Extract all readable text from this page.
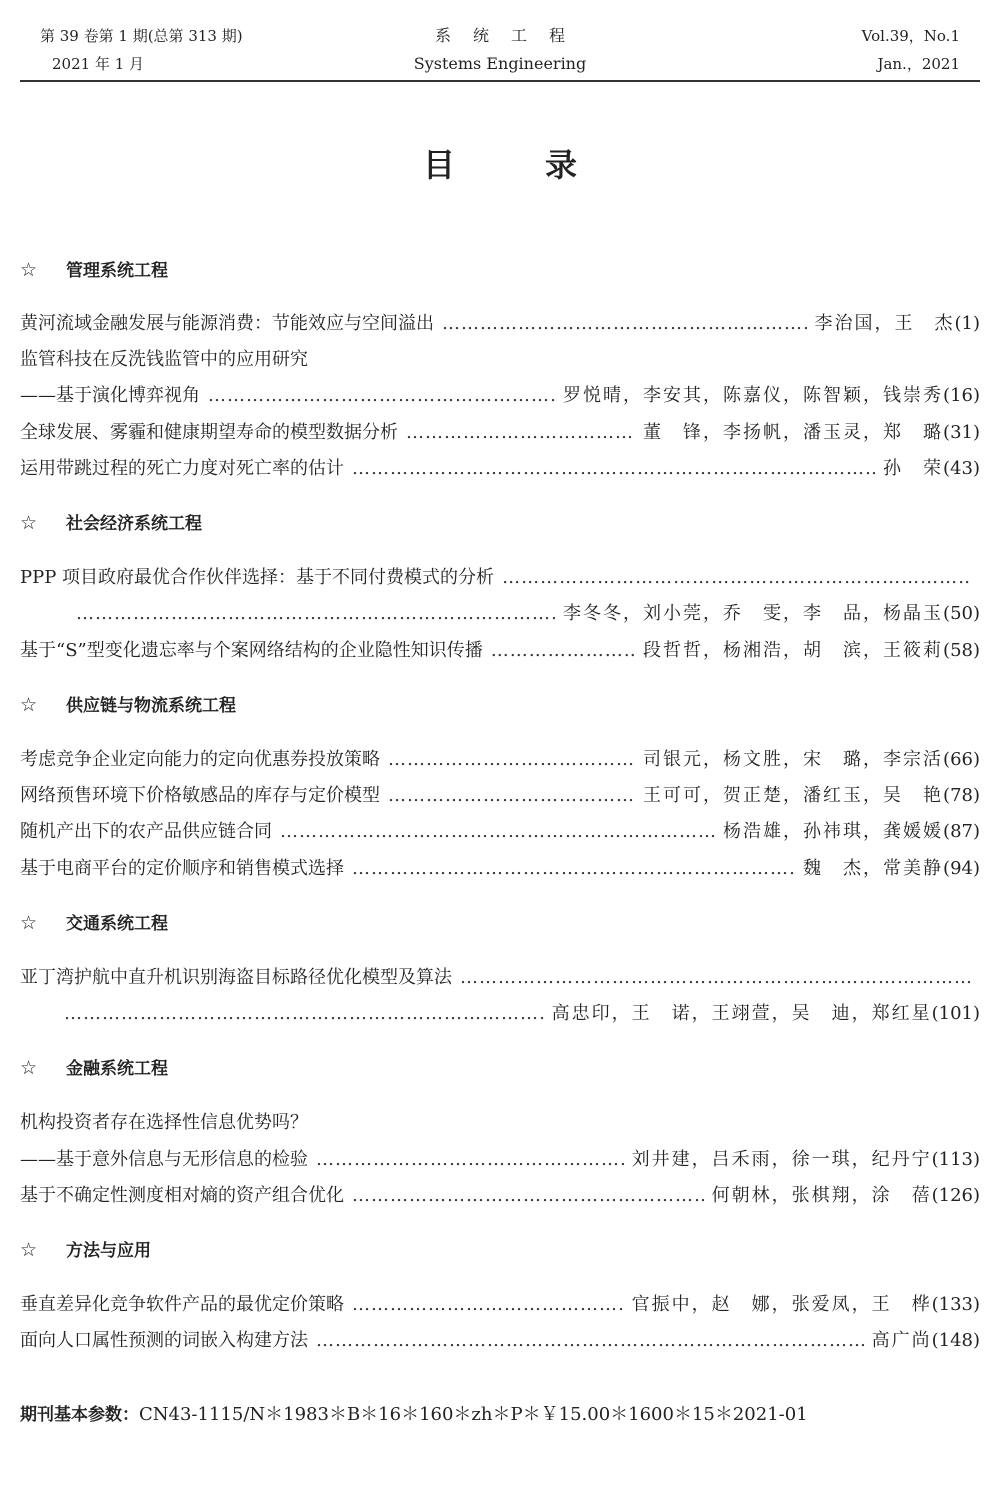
第 39 卷第 1 期(总第 313 期)
2021 年 1 月
系统工程
Systems Engineering
Vol.39，No.1
Jan.，2021
目录
☆ 管理系统工程
黄河流域金融发展与能源消费：节能效应与空间溢出 ………………………………………………………………………………………………………………………………………………………………………………	李治国，王　杰 (1)
监管科技在反洗钱监管中的应用研究
——基于演化博弈视角 ………………………………………………………………………………………………………………………………………………………………………………	罗悦晴，李安其，陈嘉仪，陈智颖，钱崇秀 (16)
全球发展、雾霾和健康期望寿命的模型数据分析 ………………………………………………………………………………………………………………………………………………………………………………	董　锋，李扬帆，潘玉灵，郑　璐 (31)
运用带跳过程的死亡力度对死亡率的估计 ………………………………………………………………………………………………………………………………………………………………………………	孙　荣 (43)
☆ 社会经济系统工程
PPP 项目政府最优合作伙伴选择：基于不同付费模式的分析
………………………………………………………………………………………………………………………………………………………………………………
………………………………………………………………………………………………………………………………………………………………………………
李冬冬，刘小莞，乔　雯，李　品，杨晶玉 (50)
基于“S”型变化遗忘率与个案网络结构的企业隐性知识传播 ………………………………………………………………………………………………………………………………………………………………………………	段哲哲，杨湘浩，胡　滨，王筱莉 (58)
☆ 供应链与物流系统工程
考虑竞争企业定向能力的定向优惠券投放策略 ………………………………………………………………………………………………………………………………………………………………………………	司银元，杨文胜，宋　璐，李宗活 (66)
网络预售环境下价格敏感品的库存与定价模型 ………………………………………………………………………………………………………………………………………………………………………………	王可可，贺正楚，潘红玉，吴　艳 (78)
随机产出下的农产品供应链合同 ………………………………………………………………………………………………………………………………………………………………………………	杨浩雄，孙祎琪，龚媛媛 (87)
基于电商平台的定价顺序和销售模式选择 ………………………………………………………………………………………………………………………………………………………………………………	魏　杰，常美静 (94)
☆ 交通系统工程
亚丁湾护航中直升机识别海盗目标路径优化模型及算法
………………………………………………………………………………………………………………………………………………………………………………
………………………………………………………………………………………………………………………………………………………………………………
高忠印，王　诺，王翊萱，吴　迪，郑红星 (101)
☆ 金融系统工程
机构投资者存在选择性信息优势吗？
——基于意外信息与无形信息的检验 ………………………………………………………………………………………………………………………………………………………………………………	刘井建，吕禾雨，徐一琪，纪丹宁 (113)
基于不确定性测度相对熵的资产组合优化 ………………………………………………………………………………………………………………………………………………………………………………	何朝林，张棋翔，涂　蓓 (126)
☆ 方法与应用
垂直差异化竞争软件产品的最优定价策略 ………………………………………………………………………………………………………………………………………………………………………………	官振中，赵　娜，张爱凤，王　桦 (133)
面向人口属性预测的词嵌入构建方法 ………………………………………………………………………………………………………………………………………………………………………………	高广尚 (148)
期刊基本参数：CN43-1115/N＊1983＊B＊16＊160＊zh＊P＊￥15.00＊1600＊15＊2021-01
